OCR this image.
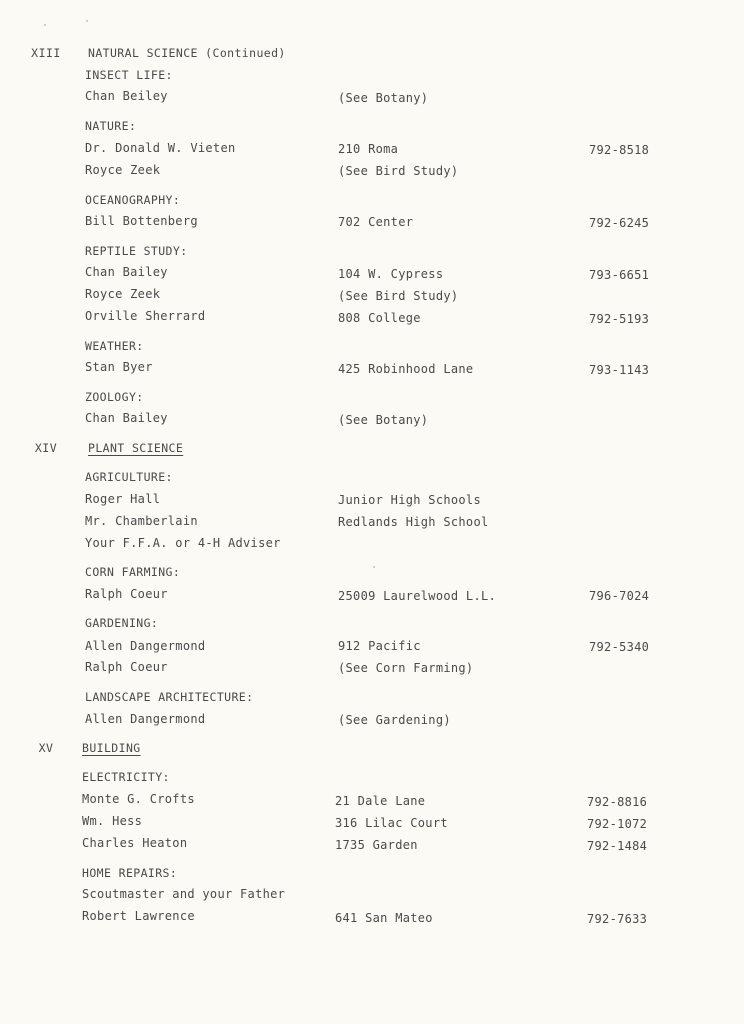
XIII	NATURAL SCIENCE (Continued)
INSECT LIFE:
Chan Beiley	(See Botany)
NATURE:
Dr. Donald W. Vieten	210 Roma	792-8518
Royce Zeek	(See Bird Study)
OCEANOGRAPHY:
Bill Bottenberg	702 Center	792-6245
REPTILE STUDY:
Chan Bailey	104 W. Cypress	793-6651
Royce Zeek	(See Bird Study)
Orville Sherrard	808 College	792-5193
WEATHER:
Stan Byer	425 Robinhood Lane	793-1143
ZOOLOGY:
Chan Bailey	(See Botany)
XIV	PLANT SCIENCE
AGRICULTURE:
Roger Hall	Junior High Schools
Mr. Chamberlain	Redlands High School
Your F.F.A. or 4-H Adviser
CORN FARMING:
Ralph Coeur	25009 Laurelwood L.L.	796-7024
GARDENING:
Allen Dangermond	912 Pacific	792-5340
Ralph Coeur	(See Corn Farming)
LANDSCAPE ARCHITECTURE:
Allen Dangermond	(See Gardening)
XV	BUILDING
ELECTRICITY:
Monte G. Crofts	21 Dale Lane	792-8816
Wm. Hess	316 Lilac Court	792-1072
Charles Heaton	1735 Garden	792-1484
HOME REPAIRS:
Scoutmaster and your Father
Robert Lawrence	641 San Mateo	792-7633
